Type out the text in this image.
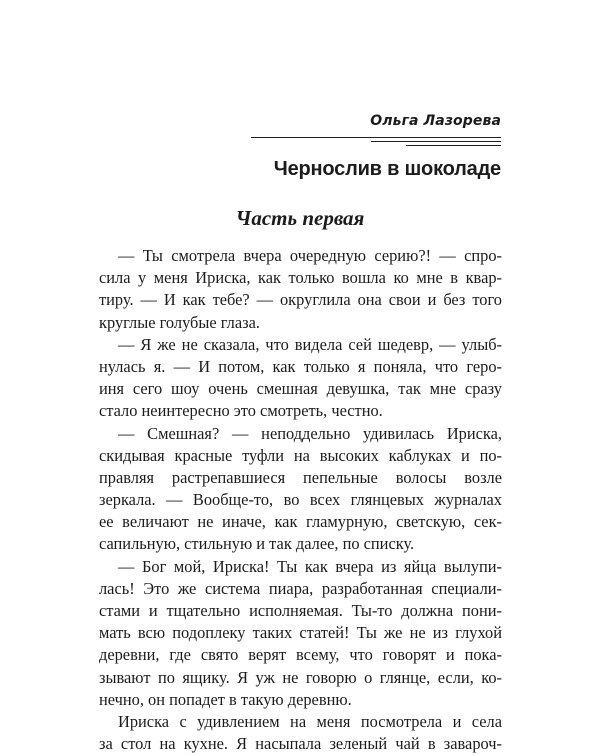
Ольга Лазорева
Чернослив в шоколаде
Часть первая
— Ты смотрела вчера очередную серию?! — спро-
сила у меня Ириска, как только вошла ко мне в квар-
тиру. — И как тебе? — округлила она свои и без того
круглые голубые глаза.
— Я же не сказала, что видела сей шедевр, — улыб-
нулась я. — И потом, как только я поняла, что геро-
иня сего шоу очень смешная девушка, так мне сразу
стало неинтересно это смотреть, честно.
— Смешная? — неподдельно удивилась Ириска,
скидывая красные туфли на высоких каблуках и по-
правляя растрепавшиеся пепельные волосы возле
зеркала. — Вообще-то, во всех глянцевых журналах
ее величают не иначе, как гламурную, светскую, сек-
сапильную, стильную и так далее, по списку.
— Бог мой, Ириска! Ты как вчера из яйца вылупи-
лась! Это же система пиара, разработанная специали-
стами и тщательно исполняемая. Ты-то должна пони-
мать всю подоплеку таких статей! Ты же не из глухой
деревни, где свято верят всему, что говорят и пока-
зывают по ящику. Я уж не говорю о глянце, если, ко-
нечно, он попадет в такую деревню.
Ириска с удивлением на меня посмотрела и села
за стол на кухне. Я насыпала зеленый чай в завароч-
